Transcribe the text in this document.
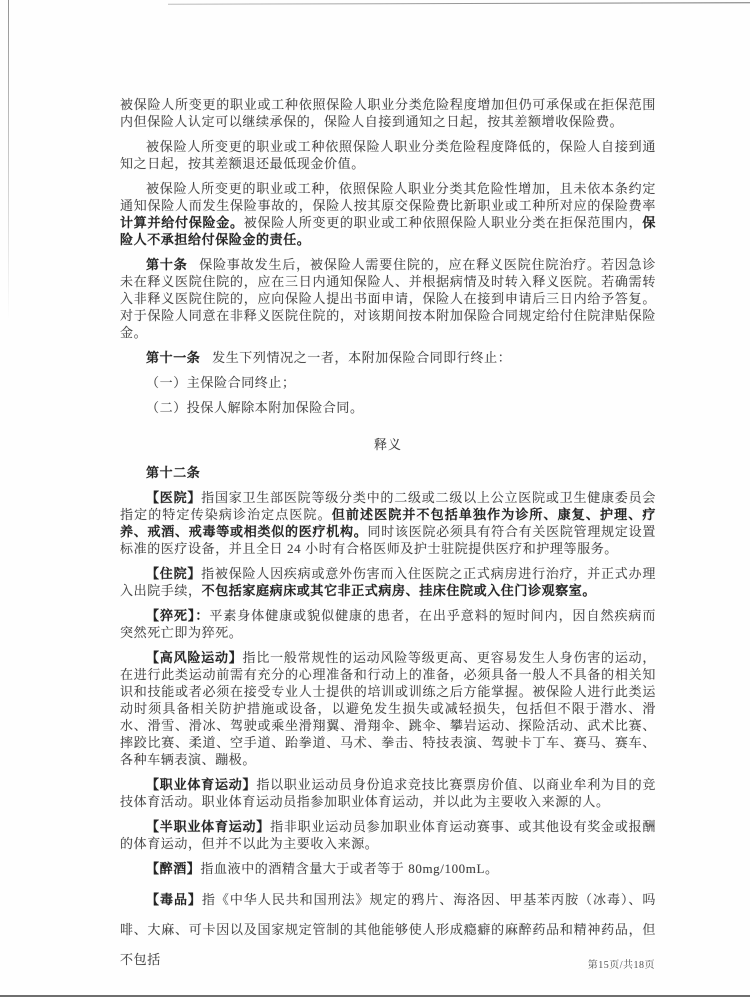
被保险人所变更的职业或工种依照保险人职业分类危险程度增加但仍可承保或在拒保范围内但保险人认定可以继续承保的，保险人自接到通知之日起，按其差额增收保险费。

被保险人所变更的职业或工种依照保险人职业分类危险程度降低的，保险人自接到通知之日起，按其差额退还最低现金价值。

被保险人所变更的职业或工种，依照保险人职业分类其危险性增加，且未依本条约定通知保险人而发生保险事故的，保险人按其原交保险费比新职业或工种所对应的保险费率计算并给付保险金。被保险人所变更的职业或工种依照保险人职业分类在拒保范围内，保险人不承担给付保险金的责任。

第十条 保险事故发生后，被保险人需要住院的，应在释义医院住院治疗。若因急诊未在释义医院住院的，应在三日内通知保险人、并根据病情及时转入释义医院。若确需转入非释义医院住院的，应向保险人提出书面申请，保险人在接到申请后三日内给予答复。对于保险人同意在非释义医院住院的，对该期间按本附加保险合同规定给付住院津贴保险金。

第十一条 发生下列情况之一者，本附加保险合同即行终止：

（一）主保险合同终止；

（二）投保人解除本附加保险合同。

释义

第十二条

【医院】指国家卫生部医院等级分类中的二级或二级以上公立医院或卫生健康委员会指定的特定传染病诊治定点医院。但前述医院并不包括单独作为诊所、康复、护理、疗养、戒酒、戒毒等或相类似的医疗机构。同时该医院必须具有符合有关医院管理规定设置标准的医疗设备，并且全日 24 小时有合格医师及护士驻院提供医疗和护理等服务。

【住院】指被保险人因疾病或意外伤害而入住医院之正式病房进行治疗，并正式办理入出院手续，不包括家庭病床或其它非正式病房、挂床住院或入住门诊观察室。

【猝死】：平素身体健康或貌似健康的患者，在出乎意料的短时间内，因自然疾病而突然死亡即为猝死。

【高风险运动】指比一般常规性的运动风险等级更高、更容易发生人身伤害的运动，在进行此类运动前需有充分的心理准备和行动上的准备，必须具备一般人不具备的相关知识和技能或者必须在接受专业人士提供的培训或训练之后方能掌握。被保险人进行此类运动时须具备相关防护措施或设备，以避免发生损失或减轻损失，包括但不限于潜水、滑水、滑雪、滑冰、驾驶或乘坐滑翔翼、滑翔伞、跳伞、攀岩运动、探险活动、武术比赛、摔跤比赛、柔道、空手道、跆拳道、马术、拳击、特技表演、驾驶卡丁车、赛马、赛车、各种车辆表演、蹦极。

【职业体育运动】指以职业运动员身份追求竞技比赛票房价值、以商业牟利为目的竞技体育活动。职业体育运动员指参加职业体育运动，并以此为主要收入来源的人。

【半职业体育运动】指非职业运动员参加职业体育运动赛事、或其他设有奖金或报酬的体育运动，但并不以此为主要收入来源。

【醉酒】指血液中的酒精含量大于或者等于 80mg/100mL。

【毒品】指《中华人民共和国刑法》规定的鸦片、海洛因、甲基苯丙胺（冰毒）、吗啡、大麻、可卡因以及国家规定管制的其他能够使人形成瘾癖的麻醉药品和精神药品，但不包括	第15页/共18页
